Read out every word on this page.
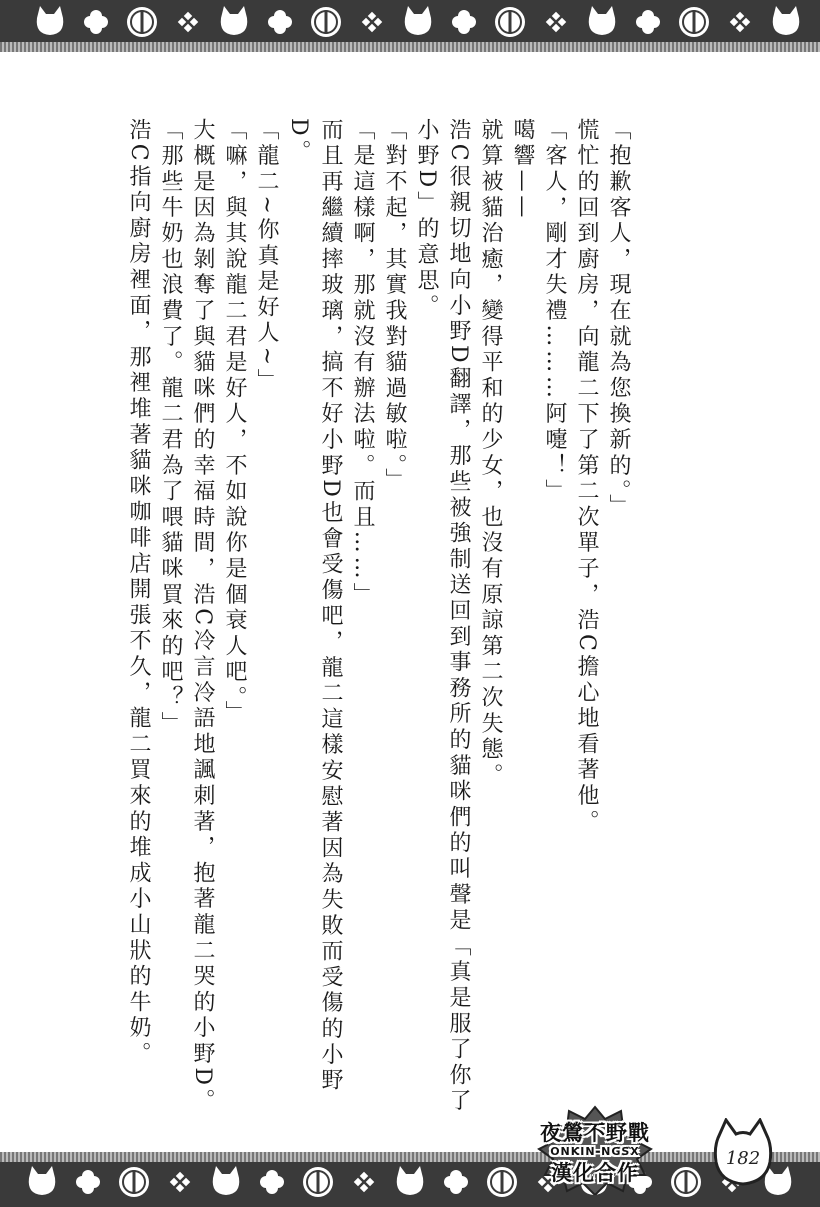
「抱歉客人，現在就為您換新的。」

慌忙的回到廚房，向龍二下了第二次單子，浩C擔心地看著他。

「客人，剛才失禮………阿嚏！」

噶響——

就算被貓治癒，變得平和的少女，也沒有原諒第二次失態。

浩C很親切地向小野D翻譯，那些被強制送回到事務所的貓咪們的叫聲是「真是服了你了

小野D」的意思。

「對不起，其實我對貓過敏啦。」

「是這樣啊，那就沒有辦法啦。而且……」

而且再繼續摔玻璃，搞不好小野D也會受傷吧，龍二這樣安慰著因為失敗而受傷的小野D。

「龍二~你真是好人~」

「嘛，與其說龍二君是好人，不如說你是個衰人吧。」

大概是因為剝奪了與貓咪們的幸福時間，浩C冷言冷語地諷刺著，抱著龍二哭的小野D。

「那些牛奶也浪費了。龍二君為了喂貓咪買來的吧？」

浩C指向廚房裡面，那裡堆著貓咪咖啡店開張不久，龍二買來的堆成小山狀的牛奶。

夜鶯不野戰
ONKIN-NGSX
漢化合作
182
